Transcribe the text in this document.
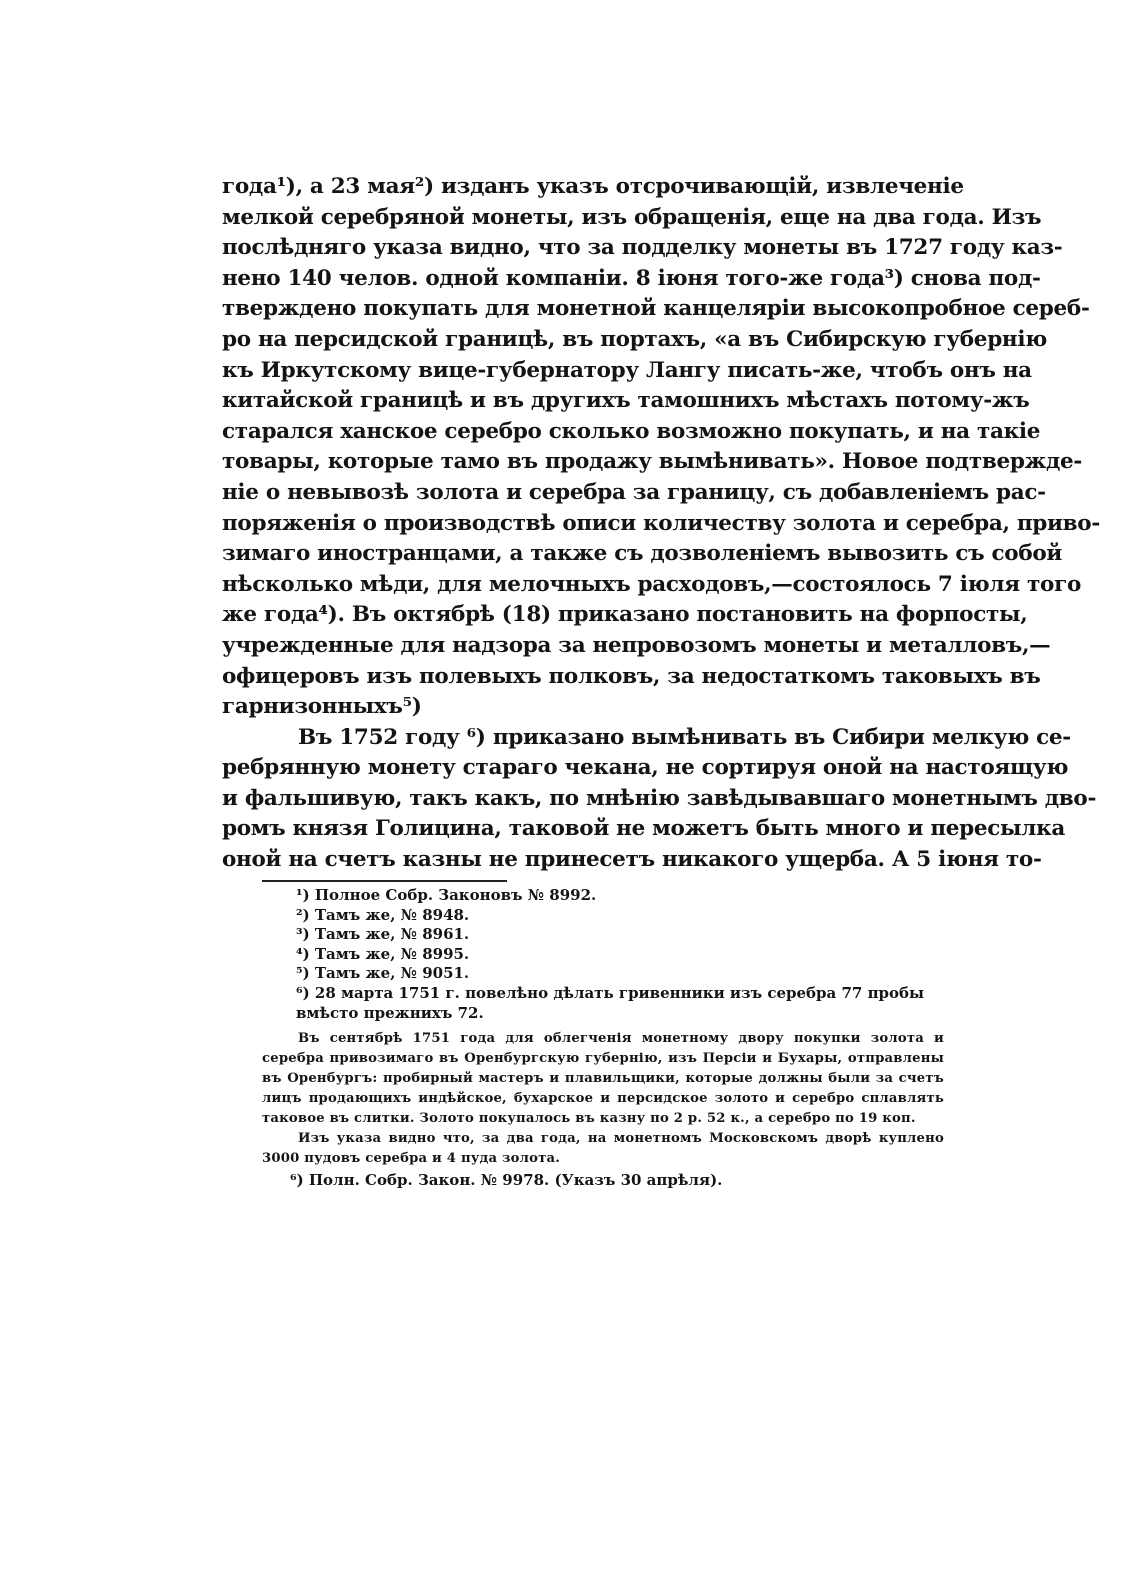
года¹), а 23 мая²) изданъ указъ отсрочивающій, извлеченіе
мелкой серебряной монеты, изъ обращенія, еще на два года. Изъ
послѣдняго указа видно, что за подделку монеты въ 1727 году каз-
нено 140 челов. одной компаніи. 8 іюня того-же года³) снова под-
тверждено покупать для монетной канцеляріи высокопробное сереб-
ро на персидской границѣ, въ портахъ, «а въ Сибирскую губернію
къ Иркутскому вице-губернатору Лангу писать-же, чтобъ онъ на
китайской границѣ и въ другихъ тамошнихъ мѣстахъ потому-жъ
старался ханское серебро сколько возможно покупать, и на такіе
товары, которые тамо въ продажу вымѣнивать». Новое подтвержде-
ніе о невывозѣ золота и серебра за границу, съ добавленіемъ рас-
поряженія о производствѣ описи количеству золота и серебра, приво-
зимаго иностранцами, а также съ дозволеніемъ вывозить съ собой
нѣсколько мѣди, для мелочныхъ расходовъ,—состоялось 7 іюля того
же года⁴). Въ октябрѣ (18) приказано постановить на форпосты,
учрежденные для надзора за непровозомъ монеты и металловъ,—
офицеровъ изъ полевыхъ полковъ, за недостаткомъ таковыхъ въ
гарнизонныхъ⁵)
Въ 1752 году ⁶) приказано вымѣнивать въ Сибири мелкую се-
ребрянную монету стараго чекана, не сортируя оной на настоящую
и фальшивую, такъ какъ, по мнѣнію завѣдывавшаго монетнымъ дво-
ромъ князя Голицина, таковой не можетъ быть много и пересылка
оной на счетъ казны не принесетъ никакого ущерба. А 5 іюня то-
¹) Полное Собр. Законовъ № 8992.
²) Тамъ же, № 8948.
³) Тамъ же, № 8961.
⁴) Тамъ же, № 8995.
⁵) Тамъ же, № 9051.
⁶) 28 марта 1751 г. повелѣно дѣлать гривенники изъ серебра 77 пробы вмѣсто прежнихъ 72.

Въ сентябрѣ 1751 года для облегченія монетному двору покупки золота и серебра привозимаго въ Оренбургскую губернію, изъ Персіи и Бухары, отправлены въ Оренбургъ: пробирный мастеръ и плавильщики, которые должны были за счетъ лицъ продающихъ индѣйское, бухарское и персидское золото и серебро сплавлять таковое въ слитки. Золото покупалось въ казну по 2 р. 52 к., а серебро по 19 коп.

Изъ указа видно что, за два года, на монетномъ Московскомъ дворѣ куплено 3000 пудовъ серебра и 4 пуда золота.

⁶) Полн. Собр. Закон. № 9978. (Указъ 30 апрѣля).
